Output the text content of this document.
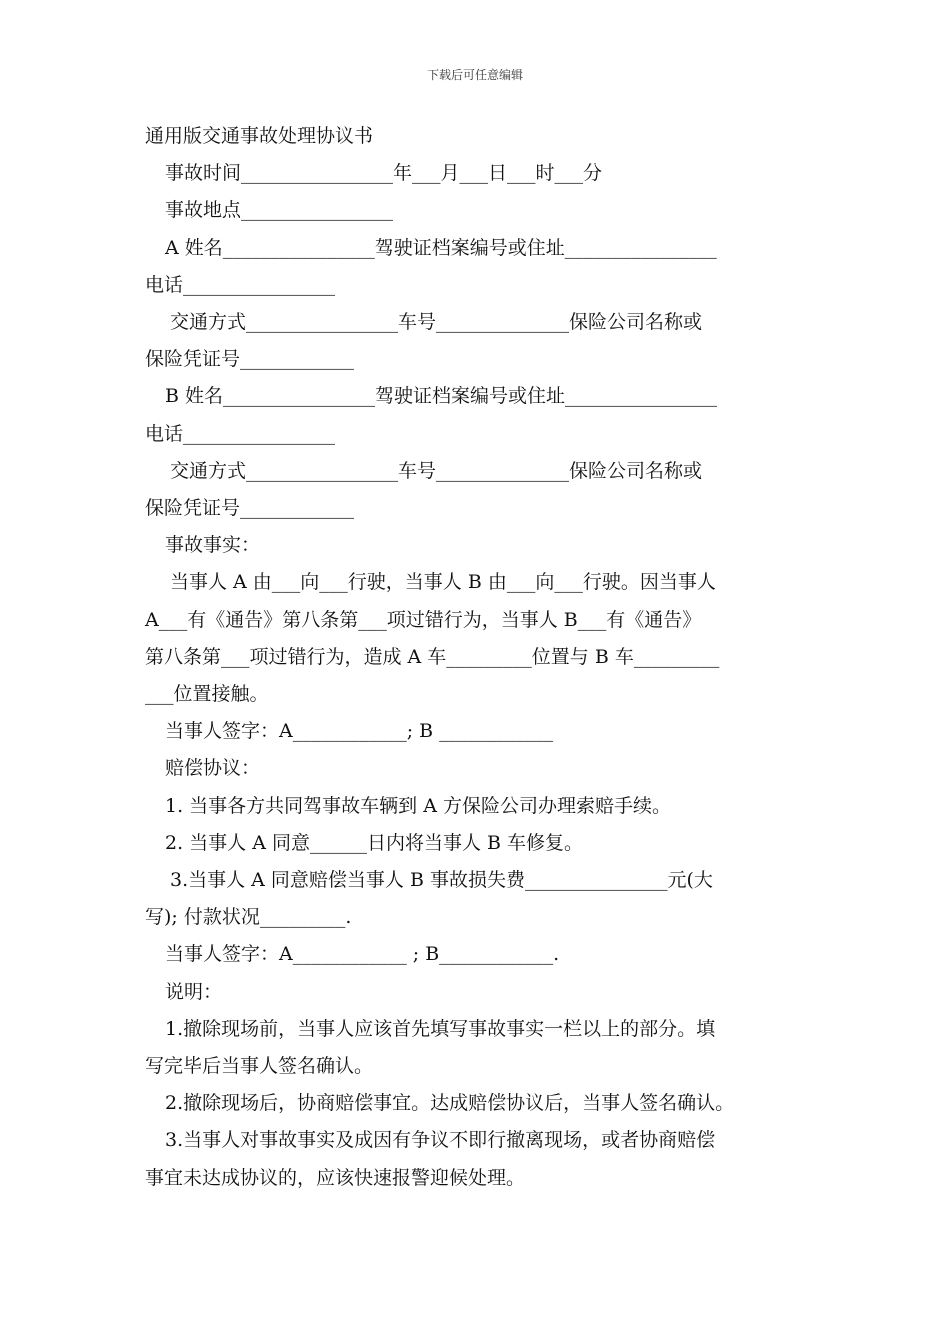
下载后可任意编辑

通用版交通事故处理协议书

事故时间________________年___月___日___时___分

事故地点________________

A 姓名________________驾驶证档案编号或住址________________

电话________________

交通方式________________车号______________保险公司名称或

保险凭证号____________

B 姓名________________驾驶证档案编号或住址________________

电话________________

交通方式________________车号______________保险公司名称或

保险凭证号____________

事故事实：

当事人 A 由___向___行驶，当事人 B 由___向___行驶。因当事人

A___有《通告》第八条第___项过错行为，当事人 B___有《通告》

第八条第___项过错行为，造成 A 车_________位置与 B 车_________

___位置接触。

当事人签字：A____________; B ____________

赔偿协议：

1. 当事各方共同驾事故车辆到 A 方保险公司办理索赔手续。

2. 当事人 A 同意______日内将当事人 B 车修复。

3.当事人 A 同意赔偿当事人 B 事故损失费_______________元(大

写); 付款状况_________.

当事人签字：A____________ ; B____________.

说明：

1.撤除现场前，当事人应该首先填写事故事实一栏以上的部分。填

写完毕后当事人签名确认。

2.撤除现场后，协商赔偿事宜。达成赔偿协议后，当事人签名确认。

3.当事人对事故事实及成因有争议不即行撤离现场，或者协商赔偿

事宜未达成协议的，应该快速报警迎候处理。
